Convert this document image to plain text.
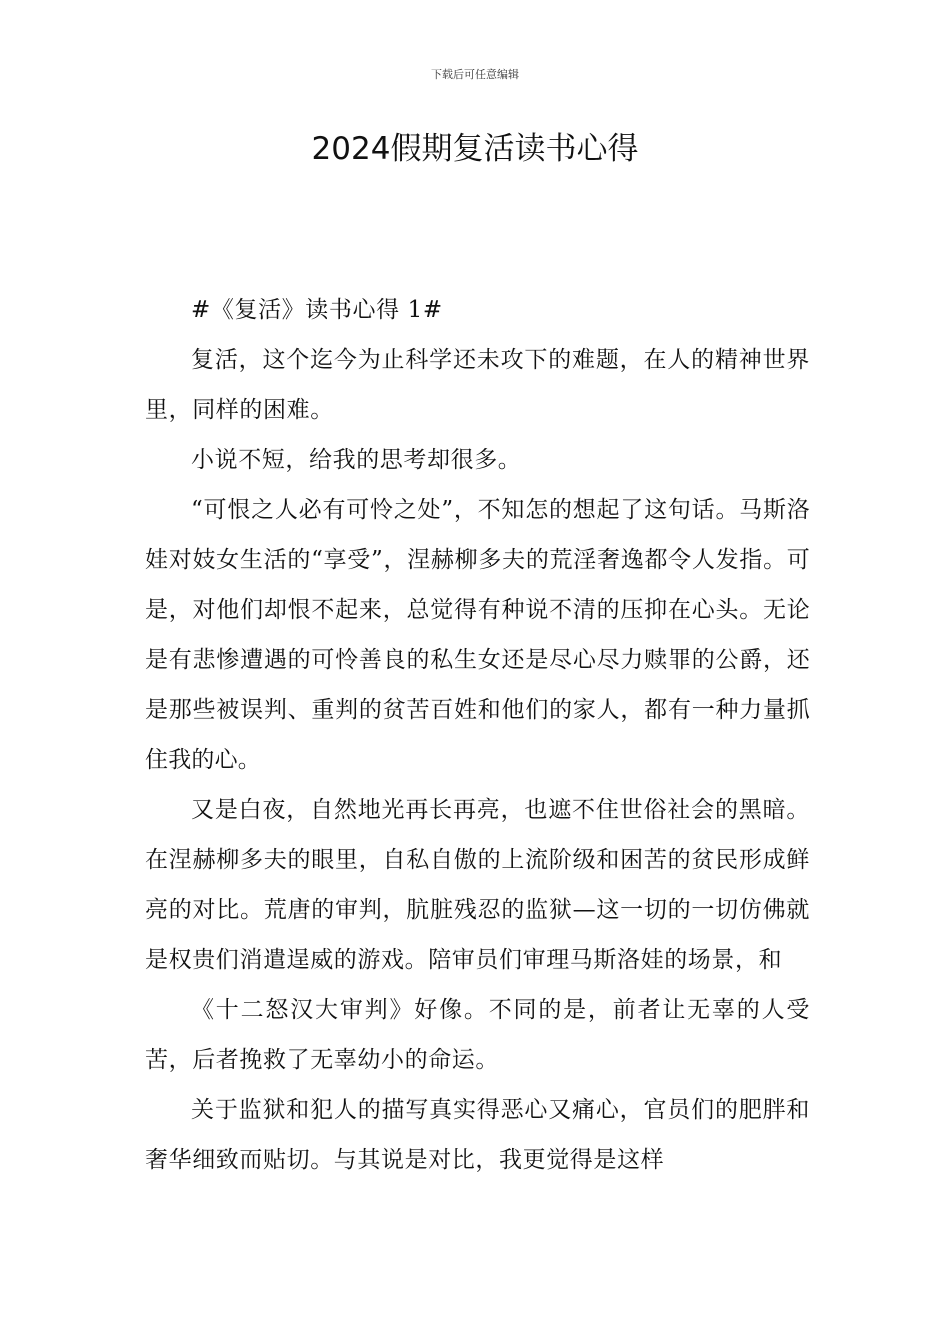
下载后可任意编辑
2024假期复活读书心得

#《复活》读书心得 1#

复活，这个迄今为止科学还未攻下的难题，在人的精神世界里，同样的困难。

小说不短，给我的思考却很多。

“可恨之人必有可怜之处”，不知怎的想起了这句话。马斯洛娃对妓女生活的“享受”，涅赫柳多夫的荒淫奢逸都令人发指。可是，对他们却恨不起来，总觉得有种说不清的压抑在心头。无论是有悲惨遭遇的可怜善良的私生女还是尽心尽力赎罪的公爵，还是那些被误判、重判的贫苦百姓和他们的家人，都有一种力量抓住我的心。

又是白夜，自然地光再长再亮，也遮不住世俗社会的黑暗。在涅赫柳多夫的眼里，自私自傲的上流阶级和困苦的贫民形成鲜亮的对比。荒唐的审判，肮脏残忍的监狱—这一切的一切仿佛就是权贵们消遣逞威的游戏。陪审员们审理马斯洛娃的场景，和

《十二怒汉大审判》好像。不同的是，前者让无辜的人受苦，后者挽救了无辜幼小的命运。

关于监狱和犯人的描写真实得恶心又痛心，官员们的肥胖和奢华细致而贴切。与其说是对比，我更觉得是这样
